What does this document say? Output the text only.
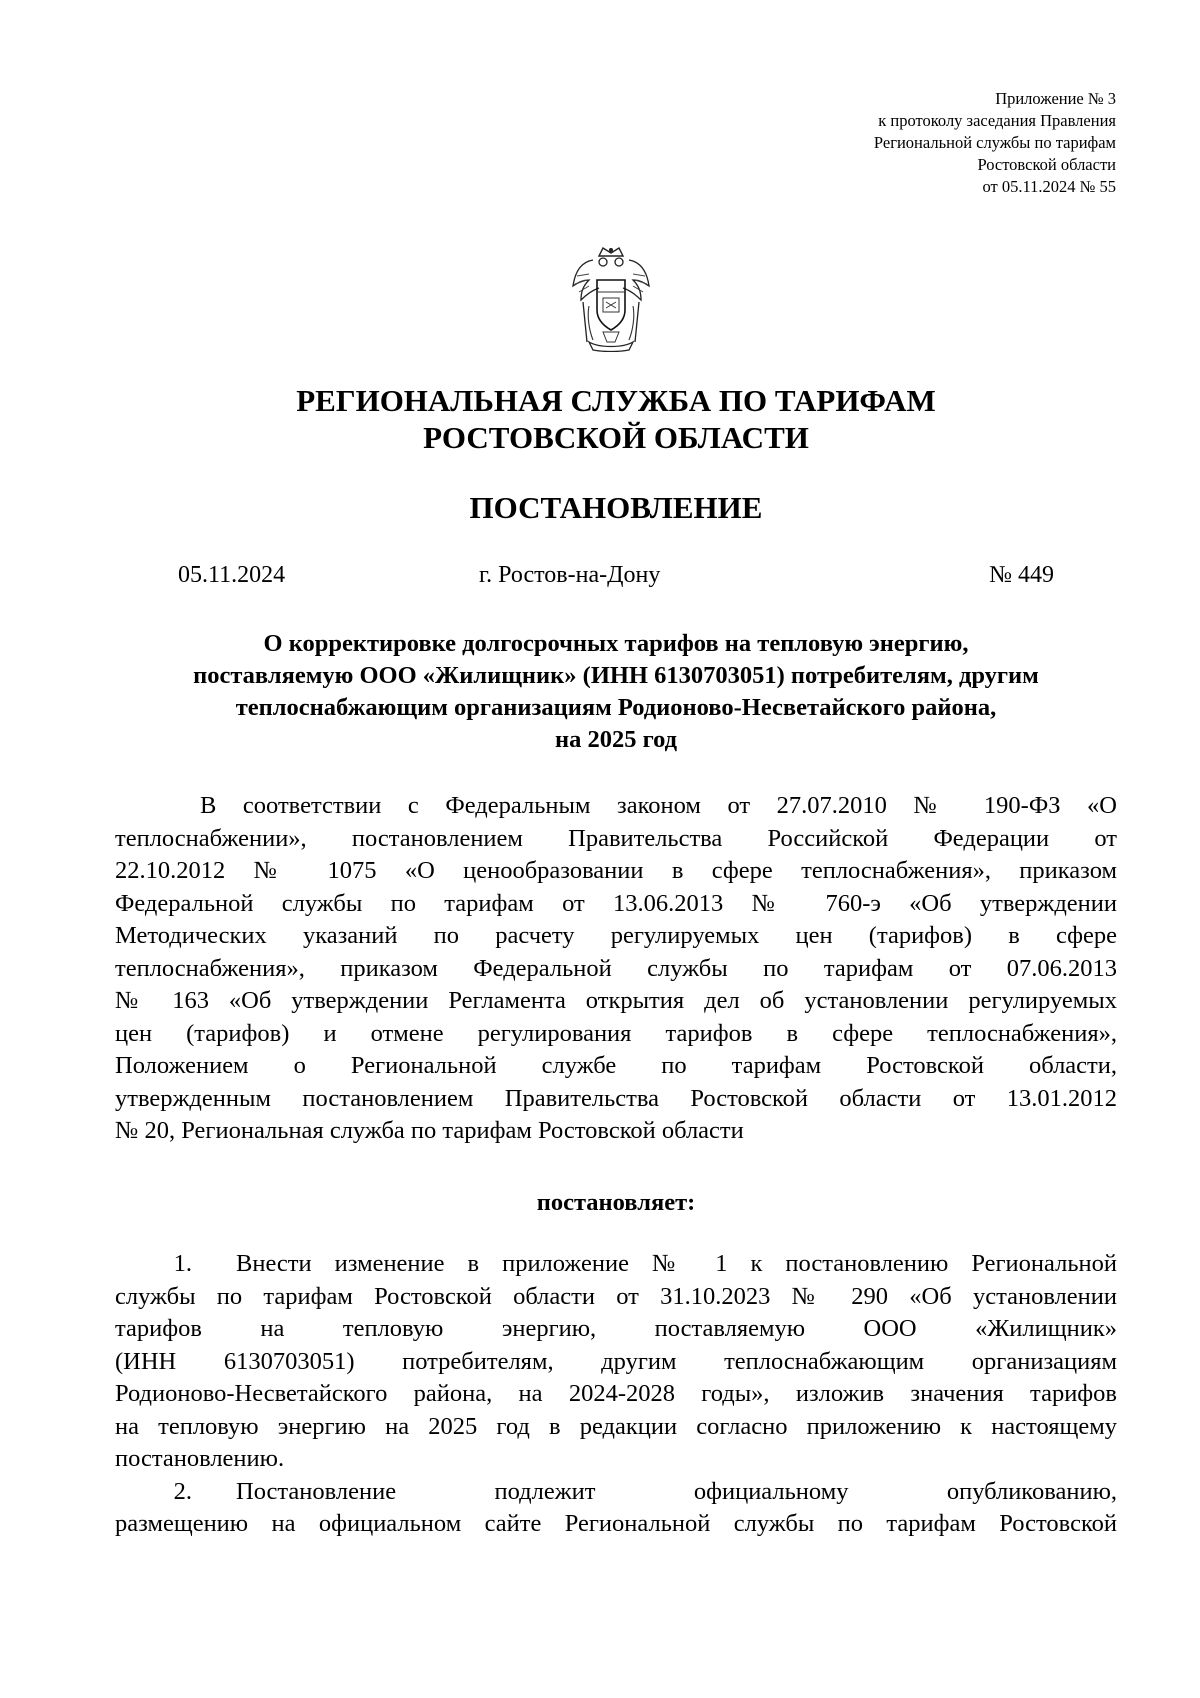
Приложение № 3
к протоколу заседания Правления
Региональной службы по тарифам
Ростовской области
от 05.11.2024 № 55
РЕГИОНАЛЬНАЯ СЛУЖБА ПО ТАРИФАМ
РОСТОВСКОЙ ОБЛАСТИ
ПОСТАНОВЛЕНИЕ
05.11.2024	г. Ростов-на-Дону	№ 449
О корректировке долгосрочных тарифов на тепловую энергию,
поставляемую ООО «Жилищник» (ИНН 6130703051) потребителям, другим
теплоснабжающим организациям Родионово-Несветайского района,
на 2025 год
В соответствии с Федеральным законом от 27.07.2010 № 190-ФЗ «О
теплоснабжении», постановлением Правительства Российской Федерации от
22.10.2012 № 1075 «О ценообразовании в сфере теплоснабжения», приказом
Федеральной службы по тарифам от 13.06.2013 № 760-э «Об утверждении
Методических указаний по расчету регулируемых цен (тарифов) в сфере
теплоснабжения», приказом Федеральной службы по тарифам от 07.06.2013
№ 163 «Об утверждении Регламента открытия дел об установлении регулируемых
цен (тарифов) и отмене регулирования тарифов в сфере теплоснабжения»,
Положением о Региональной службе по тарифам Ростовской области,
утвержденным постановлением Правительства Ростовской области от 13.01.2012
№ 20, Региональная служба по тарифам Ростовской области
постановляет:
1.	Внести изменение в приложение № 1 к постановлению Региональной
службы по тарифам Ростовской области от 31.10.2023 № 290 «Об установлении
тарифов на тепловую энергию, поставляемую ООО «Жилищник»
(ИНН 6130703051) потребителям, другим теплоснабжающим организациям
Родионово-Несветайского района, на 2024-2028 годы», изложив значения тарифов
на тепловую энергию на 2025 год в редакции согласно приложению к настоящему
постановлению.
2.	Постановление подлежит официальному опубликованию,
размещению на официальном сайте Региональной службы по тарифам Ростовской
